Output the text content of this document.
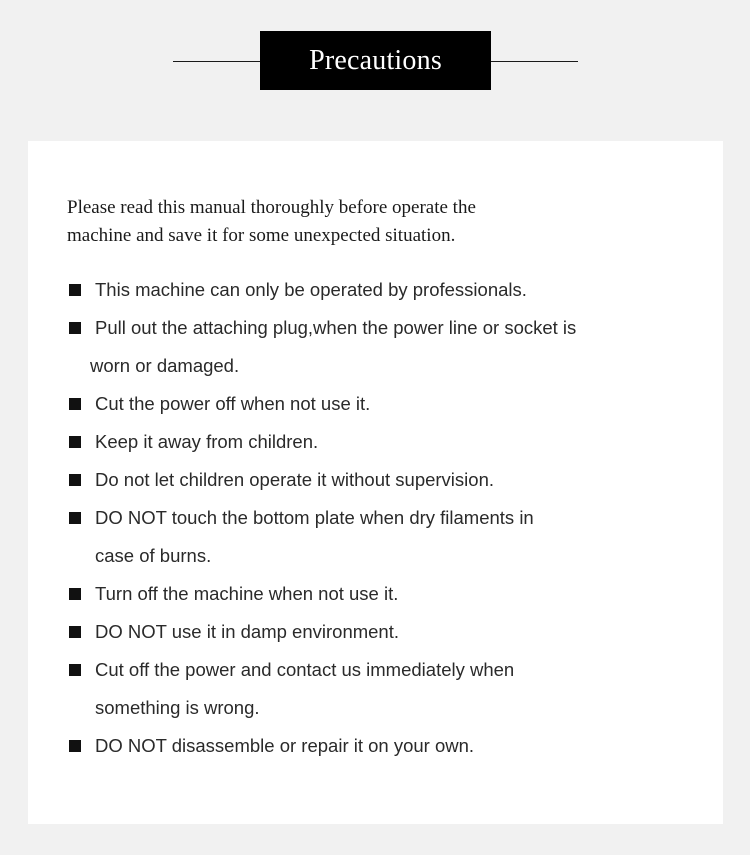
Precautions

Please read this manual thoroughly before operate the

machine and save it for some unexpected situation.

This machine can only be operated by professionals.
Pull out the attaching plug,when the power line or socket is
worn or damaged.
Cut the power off when not use it.
Keep it away from children.
Do not let children operate it without supervision.
DO NOT touch the bottom plate when dry filaments in
case of burns.
Turn off the machine when not use it.
DO NOT use it in damp environment.
Cut off the power and contact us immediately when
something is wrong.
DO NOT disassemble or repair it on your own.
